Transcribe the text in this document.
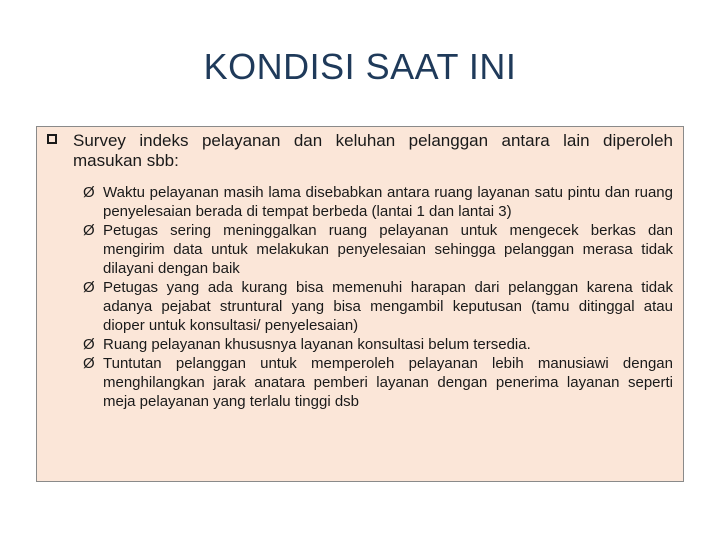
KONDISI SAAT INI
Survey indeks pelayanan dan keluhan pelanggan antara lain diperoleh masukan sbb:
Ø Waktu pelayanan masih lama disebabkan antara ruang layanan satu pintu dan ruang penyelesaian berada di tempat berbeda (lantai 1 dan lantai 3)
Ø Petugas sering meninggalkan ruang pelayanan untuk mengecek berkas dan mengirim data untuk melakukan penyelesaian sehingga pelanggan merasa tidak dilayani dengan baik
Ø Petugas yang ada kurang bisa memenuhi harapan dari pelanggan karena tidak adanya pejabat struntural yang bisa mengambil keputusan (tamu ditinggal atau dioper untuk konsultasi/ penyelesaian)
Ø Ruang pelayanan khususnya layanan konsultasi belum tersedia.
Ø Tuntutan pelanggan untuk memperoleh pelayanan lebih manusiawi dengan menghilangkan jarak anatara pemberi layanan dengan penerima layanan seperti meja pelayanan yang terlalu tinggi dsb
